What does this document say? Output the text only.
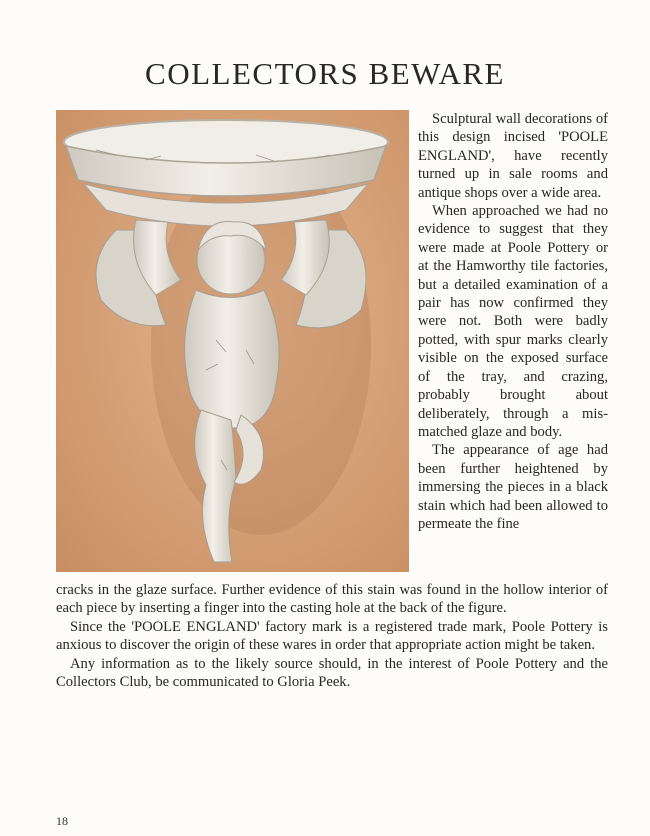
COLLECTORS BEWARE

Sculptural wall decorations of this design incised 'POOLE ENGLAND', have recently turned up in sale rooms and antique shops over a wide area.

When approached we had no evidence to suggest that they were made at Poole Pottery or at the Hamworthy tile factories, but a detailed examination of a pair has now confirmed they were not. Both were badly potted, with spur marks clearly visible on the exposed surface of the tray, and crazing, probably brought about deliberately, through a mis-matched glaze and body.

The appearance of age had been further heightened by immersing the pieces in a black stain which had been allowed to permeate the fine

cracks in the glaze surface. Further evidence of this stain was found in the hollow interior of each piece by inserting a finger into the casting hole at the back of the figure.

Since the 'POOLE ENGLAND' factory mark is a registered trade mark, Poole Pottery is anxious to discover the origin of these wares in order that appropriate action might be taken.

Any information as to the likely source should, in the interest of Poole Pottery and the Collectors Club, be communicated to Gloria Peek.

18
